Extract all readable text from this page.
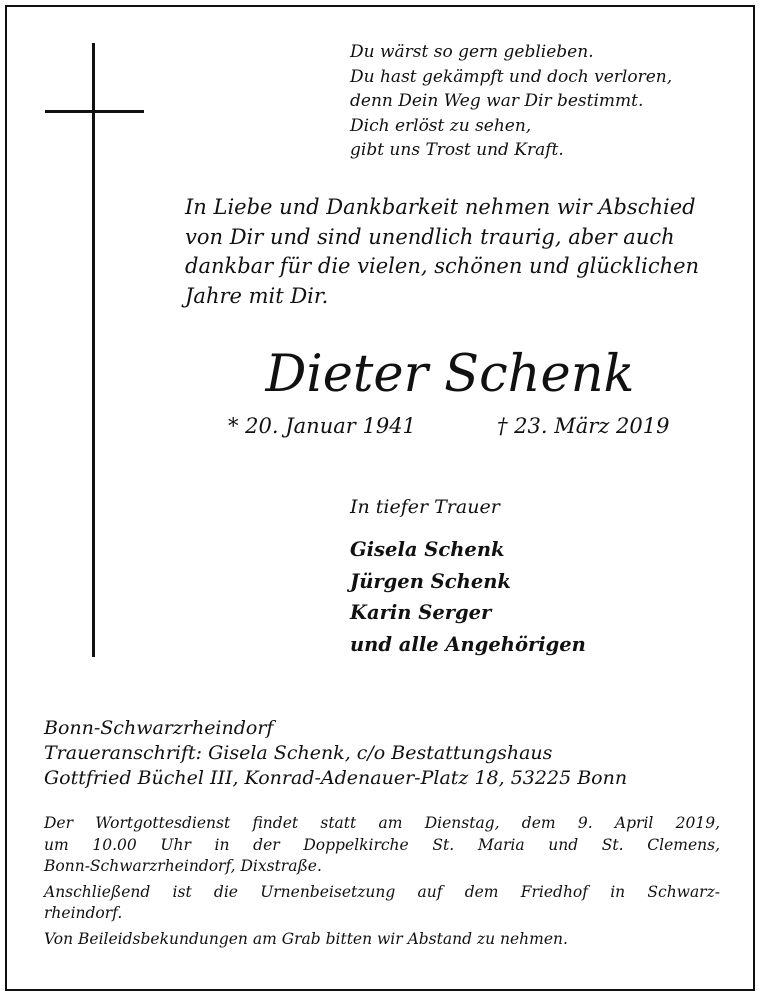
Du wärst so gern geblieben.
Du hast gekämpft und doch verloren,
denn Dein Weg war Dir bestimmt.
Dich erlöst zu sehen,
gibt uns Trost und Kraft.
In Liebe und Dankbarkeit nehmen wir Abschied
von Dir und sind unendlich traurig, aber auch
dankbar für die vielen, schönen und glücklichen
Jahre mit Dir.
Dieter Schenk
* 20. Januar 1941	† 23. März 2019
In tiefer Trauer
Gisela Schenk
Jürgen Schenk
Karin Serger
und alle Angehörigen
Bonn-Schwarzrheindorf
Traueranschrift: Gisela Schenk, c/o Bestattungshaus
Gottfried Büchel III, Konrad-Adenauer-Platz 18, 53225 Bonn
Der Wortgottesdienst findet statt am Dienstag, dem 9. April 2019,
um 10.00 Uhr in der Doppelkirche St. Maria und St. Clemens,
Bonn-Schwarzrheindorf, Dixstraße.
Anschließend ist die Urnenbeisetzung auf dem Friedhof in Schwarz-
rheindorf.
Von Beileidsbekundungen am Grab bitten wir Abstand zu nehmen.
